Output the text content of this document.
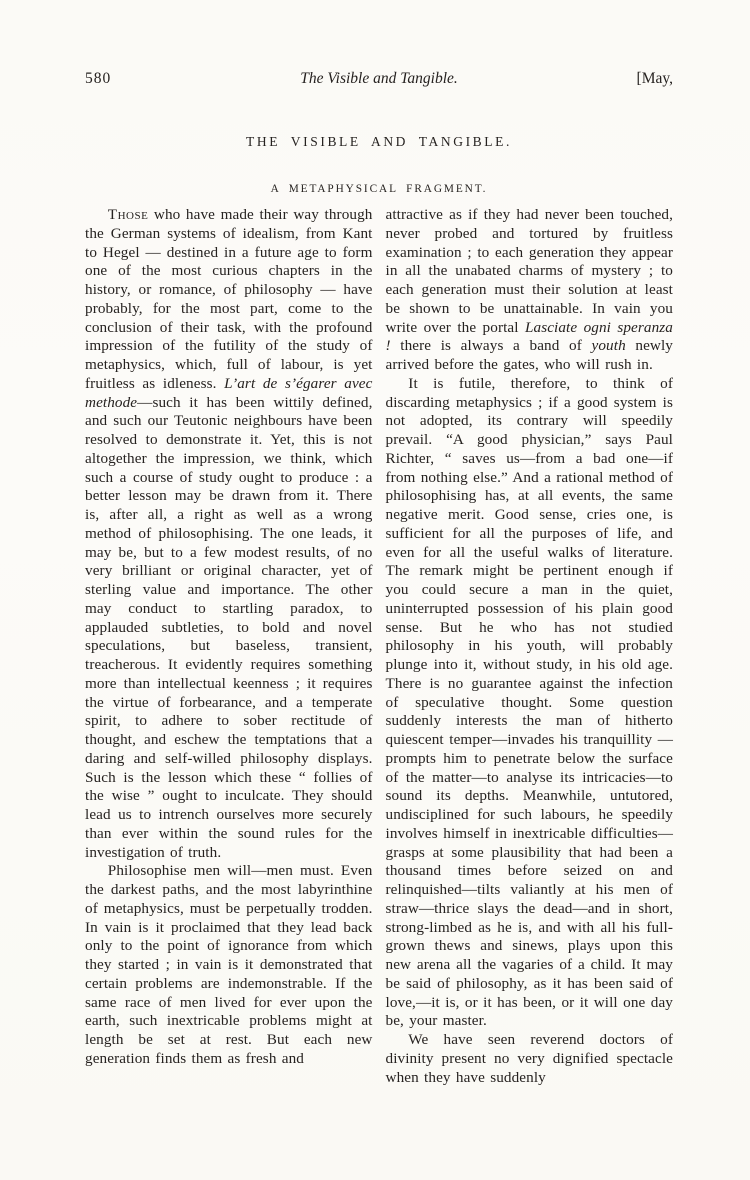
580	The Visible and Tangible.	[May,
THE VISIBLE AND TANGIBLE.
A METAPHYSICAL FRAGMENT.

Those who have made their way through the German systems of idealism, from Kant to Hegel — destined in a future age to form one of the most curious chapters in the history, or romance, of philosophy — have probably, for the most part, come to the conclusion of their task, with the profound impression of the futility of the study of metaphysics, which, full of labour, is yet fruitless as idleness. L’art de s’égarer avec methode—such it has been wittily defined, and such our Teutonic neighbours have been resolved to demonstrate it. Yet, this is not altogether the impression, we think, which such a course of study ought to produce : a better lesson may be drawn from it. There is, after all, a right as well as a wrong method of philosophising. The one leads, it may be, but to a few modest results, of no very brilliant or original character, yet of sterling value and importance. The other may conduct to startling paradox, to applauded subtleties, to bold and novel speculations, but baseless, transient, treacherous. It evidently requires something more than intellectual keenness ; it requires the virtue of forbearance, and a temperate spirit, to adhere to sober rectitude of thought, and eschew the temptations that a daring and self-willed philosophy displays. Such is the lesson which these “ follies of the wise ” ought to inculcate. They should lead us to intrench ourselves more securely than ever within the sound rules for the investigation of truth.

Philosophise men will—men must. Even the darkest paths, and the most labyrinthine of metaphysics, must be perpetually trodden. In vain is it proclaimed that they lead back only to the point of ignorance from which they started ; in vain is it demonstrated that certain problems are indemonstrable. If the same race of men lived for ever upon the earth, such inextricable problems might at length be set at rest. But each new generation finds them as fresh and

attractive as if they had never been touched, never probed and tortured by fruitless examination ; to each generation they appear in all the unabated charms of mystery ; to each generation must their solution at least be shown to be unattainable. In vain you write over the portal Lasciate ogni speranza ! there is always a band of youth newly arrived before the gates, who will rush in.

It is futile, therefore, to think of discarding metaphysics ; if a good system is not adopted, its contrary will speedily prevail. “A good physician,” says Paul Richter, “ saves us—from a bad one—if from nothing else.” And a rational method of philosophising has, at all events, the same negative merit. Good sense, cries one, is sufficient for all the purposes of life, and even for all the useful walks of literature. The remark might be pertinent enough if you could secure a man in the quiet, uninterrupted possession of his plain good sense. But he who has not studied philosophy in his youth, will probably plunge into it, without study, in his old age. There is no guarantee against the infection of speculative thought. Some question suddenly interests the man of hitherto quiescent temper—invades his tranquillity — prompts him to penetrate below the surface of the matter—to analyse its intricacies—to sound its depths. Meanwhile, untutored, undisciplined for such labours, he speedily involves himself in inextricable difficulties—grasps at some plausibility that had been a thousand times before seized on and relinquished—tilts valiantly at his men of straw—thrice slays the dead—and in short, strong-limbed as he is, and with all his full-grown thews and sinews, plays upon this new arena all the vagaries of a child. It may be said of philosophy, as it has been said of love,—it is, or it has been, or it will one day be, your master.

We have seen reverend doctors of divinity present no very dignified spectacle when they have suddenly
